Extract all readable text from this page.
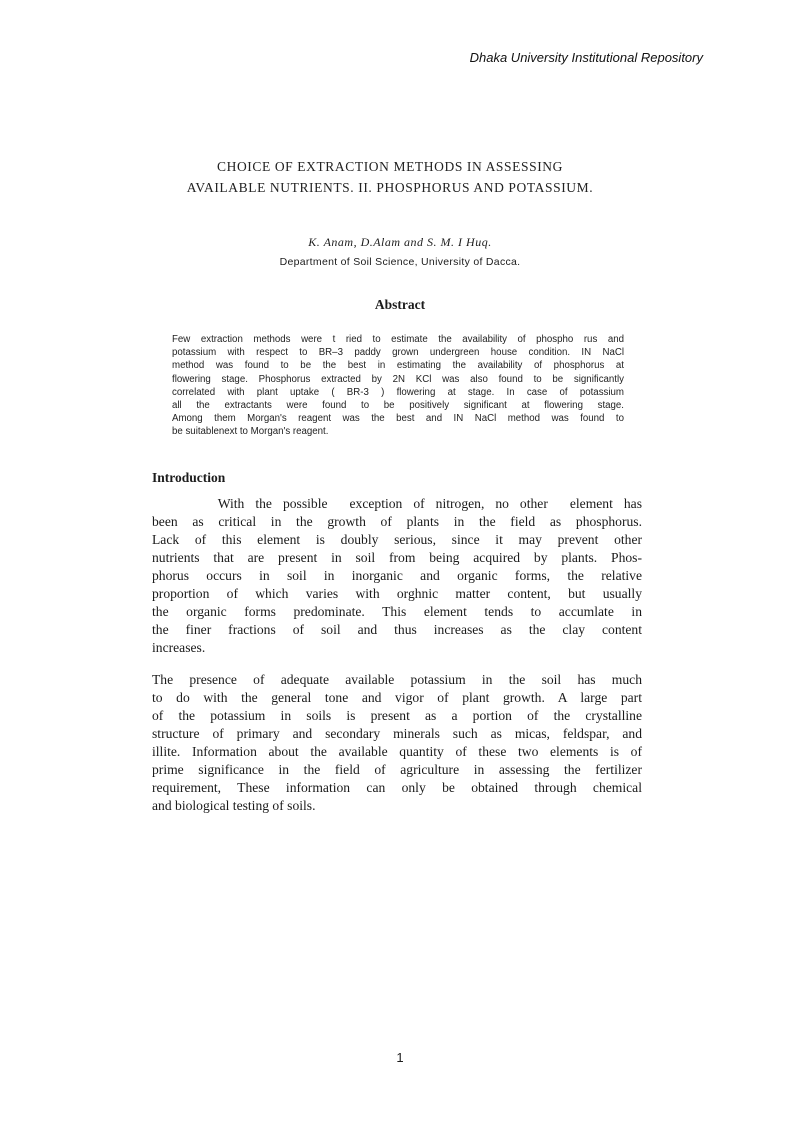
Dhaka University Institutional Repository
CHOICE OF EXTRACTION METHODS IN ASSESSING
AVAILABLE NUTRIENTS. II. PHOSPHORUS AND POTASSIUM.
K. Anam, D.Alam and S. M. I Huq.
Department of Soil Science, University of Dacca.
Abstract
Few extraction methods were t ried to estimate the availability of phospho rus and
potassium with respect to BR–3 paddy grown undergreen house condition. IN NaCl
method was found to be the best in estimating the availability of phosphorus at
flowering stage. Phosphorus extracted by 2N KCl was also found to be significantly
correlated with plant uptake ( BR-3 ) flowering at stage. In case of potassium
all the extractants were found to be positively significant at flowering stage.
Among them Morgan's reagent was the best and IN NaCl method was found to
be suitablenext to Morgan's reagent.
Introduction
With the possible  exception of nitrogen, no other  element has
been as critical in the growth of plants in the field as phosphorus.
Lack of this element is doubly serious, since it may prevent other
nutrients that are present in soil from being acquired by plants. Phos-
phorus occurs in soil in inorganic and organic forms, the relative
proportion of which varies with orghnic matter content, but usually
the organic forms predominate. This element tends to accumlate in
the finer fractions of soil and thus increases as the clay content
increases.
The presence of adequate available potassium in the soil has much
to do with the general tone and vigor of plant growth. A large part
of the potassium in soils is present as a portion of the crystalline
structure of primary and secondary minerals such as micas, feldspar, and
illite. Information about the available quantity of these two elements is of
prime significance in the field of agriculture in assessing the fertilizer
requirement, These information can only be obtained through chemical
and biological testing of soils.
1
